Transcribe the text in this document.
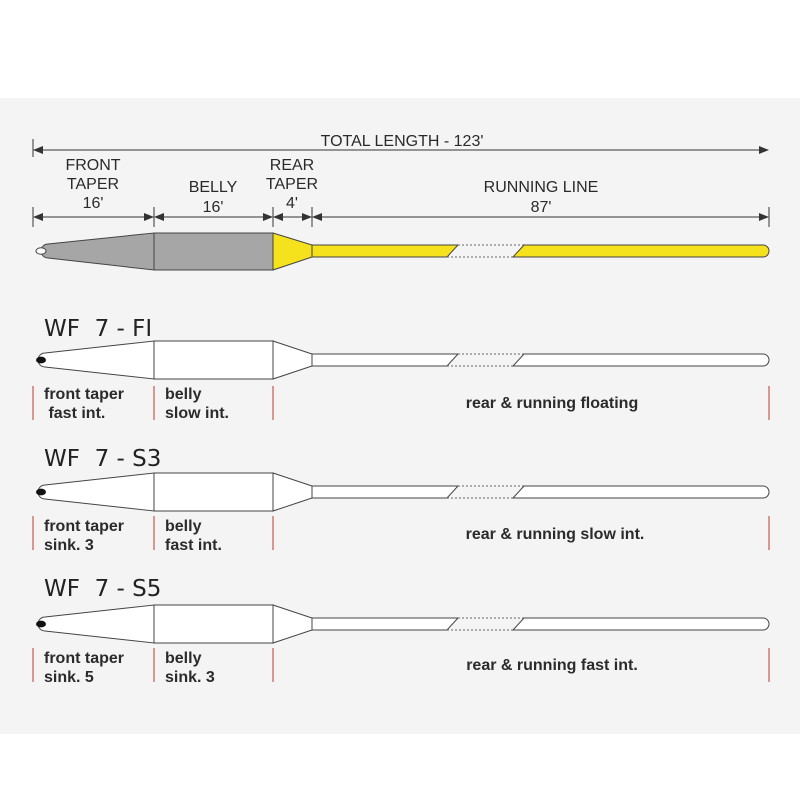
TOTAL LENGTH - 123'
FRONT
TAPER
16'
BELLY
16'
REAR
TAPER
4'
RUNNING LINE
87'
WF  7 - FI
front taper
fast int.
belly
slow int.
rear & running floating
WF  7 - S3
front taper
sink. 3
belly
fast int.
rear & running slow int.
WF  7 - S5
front taper
sink. 5
belly
sink. 3
rear & running fast int.
